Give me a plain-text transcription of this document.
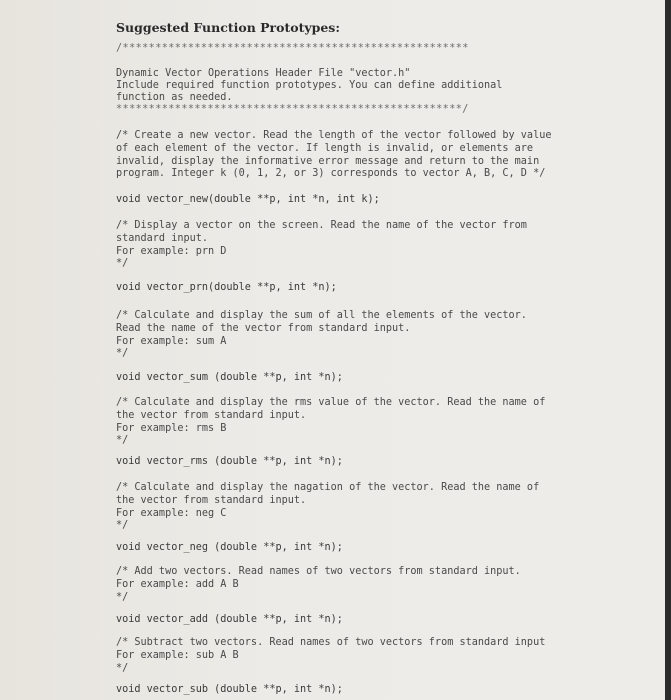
Suggested Function Prototypes:
/*****************************************************
Dynamic Vector Operations Header File "vector.h"
Include required function prototypes. You can define additional
function as needed.
*****************************************************/
/* Create a new vector. Read the length of the vector followed by value
of each element of the vector. If length is invalid, or elements are
invalid, display the informative error message and return to the main
program. Integer k (0, 1, 2, or 3) corresponds to vector A, B, C, D */
void vector_new(double **p, int *n, int k);
/* Display a vector on the screen. Read the name of the vector from
standard input.
For example: prn D
*/
void vector_prn(double **p, int *n);
/* Calculate and display the sum of all the elements of the vector.
Read the name of the vector from standard input.
For example: sum A
*/
void vector_sum (double **p, int *n);
/* Calculate and display the rms value of the vector. Read the name of
the vector from standard input.
For example: rms B
*/
void vector_rms (double **p, int *n);
/* Calculate and display the nagation of the vector. Read the name of
the vector from standard input.
For example: neg C
*/
void vector_neg (double **p, int *n);
/* Add two vectors. Read names of two vectors from standard input.
For example: add A B
*/
void vector_add (double **p, int *n);
/* Subtract two vectors. Read names of two vectors from standard input
For example: sub A B
*/
void vector_sub (double **p, int *n);
